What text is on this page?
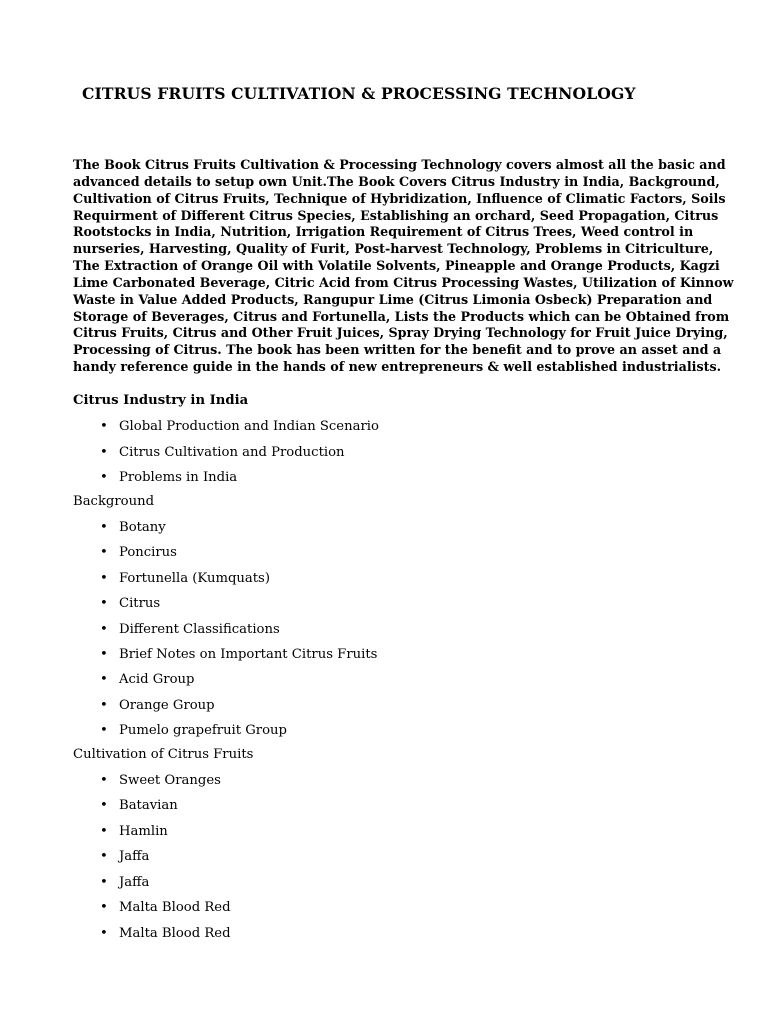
CITRUS FRUITS CULTIVATION & PROCESSING TECHNOLOGY

The Book Citrus Fruits Cultivation & Processing Technology covers almost all the basic and
advanced details to setup own Unit.The Book Covers Citrus Industry in India, Background,
Cultivation of Citrus Fruits, Technique of Hybridization, Influence of Climatic Factors, Soils
Requirment of Different Citrus Species, Establishing an orchard, Seed Propagation, Citrus
Rootstocks in India, Nutrition, Irrigation Requirement of Citrus Trees, Weed control in
nurseries, Harvesting, Quality of Furit, Post-harvest Technology, Problems in Citriculture,
The Extraction of Orange Oil with Volatile Solvents, Pineapple and Orange Products, Kagzi
Lime Carbonated Beverage, Citric Acid from Citrus Processing Wastes, Utilization of Kinnow
Waste in Value Added Products, Rangupur Lime (Citrus Limonia Osbeck) Preparation and
Storage of Beverages, Citrus and Fortunella, Lists the Products which can be Obtained from
Citrus Fruits, Citrus and Other Fruit Juices, Spray Drying Technology for Fruit Juice Drying,
Processing of Citrus. The book has been written for the benefit and to prove an asset and a
handy reference guide in the hands of new entrepreneurs & well established industrialists.

Citrus Industry in India
• Global Production and Indian Scenario
• Citrus Cultivation and Production
• Problems in India
Background
• Botany
• Poncirus
• Fortunella (Kumquats)
• Citrus
• Different Classifications
• Brief Notes on Important Citrus Fruits
• Acid Group
• Orange Group
• Pumelo grapefruit Group
Cultivation of Citrus Fruits
• Sweet Oranges
• Batavian
• Hamlin
• Jaffa
• Jaffa
• Malta Blood Red
• Malta Blood Red
